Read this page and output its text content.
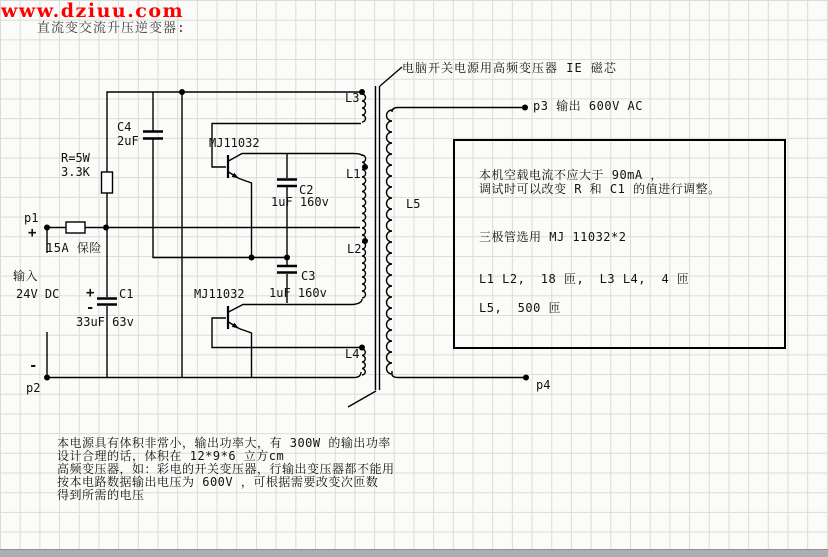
www.dziuu.com
直流变交流升压逆变器:
电脑开关电源用高频变压器 IE 磁芯
p1
+
-
p2
p3 输出 600V AC
p4
输入
24V DC
15A 保险
R=5W
3.3K
C4
2uF	MJ11032
MJ11032
C2
1uF 160v
C3
1uF 160v
+
-
C1
33uF 63v
L3
L1
L2
L4
L5
本机空载电流不应大于 90mA ，
调试时可以改变 R 和 C1 的值进行调整。
三极管选用 MJ 11032*2
L1 L2,  18 匝,  L3 L4,  4 匝
L5,  500 匝
本电源具有体积非常小，输出功率大，有 300W 的输出功率
设计合理的话，体积在 12*9*6 立方cm
高频变压器，如：彩电的开关变压器，行输出变压器都不能用
按本电路数据输出电压为 600V ，可根据需要改变次匝数
得到所需的电压
